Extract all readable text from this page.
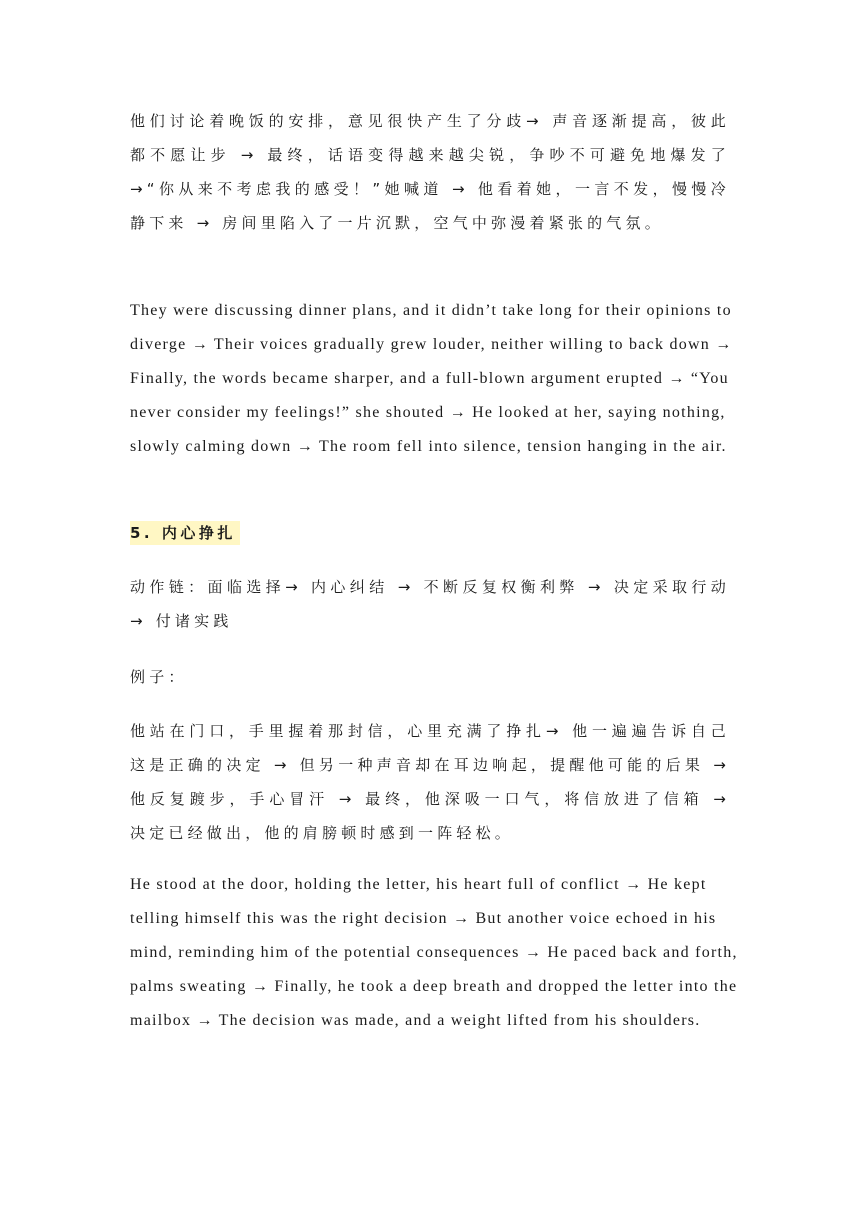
他们讨论着晚饭的安排，意见很快产生了分歧→ 声音逐渐提高，彼此都不愿让步 → 最终，话语变得越来越尖锐，争吵不可避免地爆发了 →“你从来不考虑我的感受！”她喊道 → 他看着她，一言不发，慢慢冷静下来 → 房间里陷入了一片沉默，空气中弥漫着紧张的气氛。

They were discussing dinner plans, and it didn’t take long for their opinions to diverge → Their voices gradually grew louder, neither willing to back down → Finally, the words became sharper, and a full-blown argument erupted → “You never consider my feelings!” she shouted → He looked at her, saying nothing, slowly calming down → The room fell into silence, tension hanging in the air.

5. 内心挣扎

动作链：面临选择→ 内心纠结 → 不断反复权衡利弊 → 决定采取行动 → 付诸实践

例子：

他站在门口，手里握着那封信，心里充满了挣扎→ 他一遍遍告诉自己这是正确的决定 → 但另一种声音却在耳边响起，提醒他可能的后果 → 他反复踱步，手心冒汗 → 最终，他深吸一口气，将信放进了信箱 → 决定已经做出，他的肩膀顿时感到一阵轻松。

He stood at the door, holding the letter, his heart full of conflict → He kept telling himself this was the right decision → But another voice echoed in his mind, reminding him of the potential consequences → He paced back and forth, palms sweating → Finally, he took a deep breath and dropped the letter into the mailbox → The decision was made, and a weight lifted from his shoulders.
